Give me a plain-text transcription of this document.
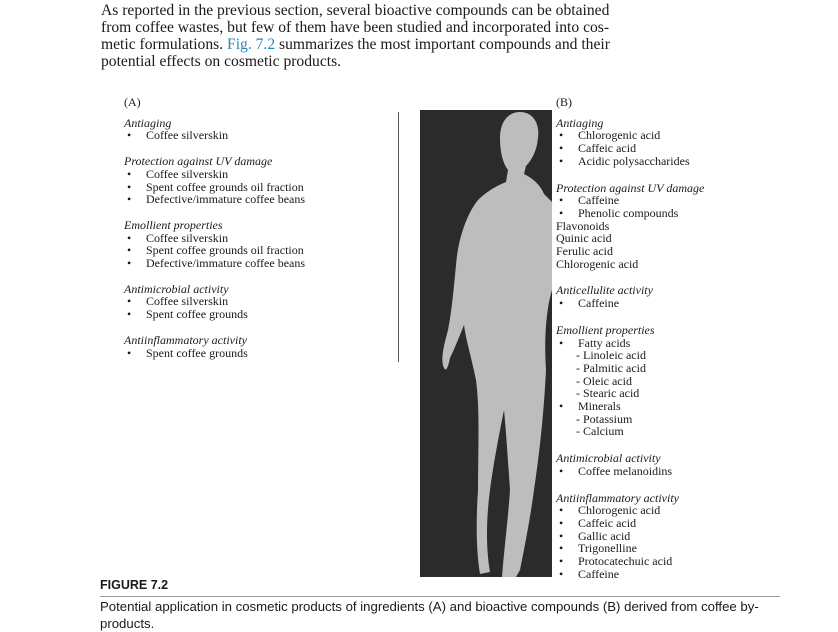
As reported in the previous section, several bioactive compounds can be obtained
from coffee wastes, but few of them have been studied and incorporated into cos-
metic formulations. Fig. 7.2 summarizes the most important compounds and their
potential effects on cosmetic products.

(A)
Antiaging
• Coffee silverskin
Protection against UV damage
• Coffee silverskin
• Spent coffee grounds oil fraction
• Defective/immature coffee beans
Emollient properties
• Coffee silverskin
• Spent coffee grounds oil fraction
• Defective/immature coffee beans
Antimicrobial activity
• Coffee silverskin
• Spent coffee grounds
Antiinflammatory activity
• Spent coffee grounds
(B)
Antiaging
• Chlorogenic acid
• Caffeic acid
• Acidic polysaccharides
Protection against UV damage
• Caffeine
• Phenolic compounds
Flavonoids
Quinic acid
Ferulic acid
Chlorogenic acid
Anticellulite activity
• Caffeine
Emollient properties
• Fatty acids
- Linoleic acid
- Palmitic acid
- Oleic acid
- Stearic acid
• Minerals
- Potassium
- Calcium
Antimicrobial activity
• Coffee melanoidins
Antiinflammatory activity
• Chlorogenic acid
• Caffeic acid
• Gallic acid
• Trigonelline
• Protocatechuic acid
• Caffeine
FIGURE 7.2

Potential application in cosmetic products of ingredients (A) and bioactive compounds (B) derived from coffee by-products.
